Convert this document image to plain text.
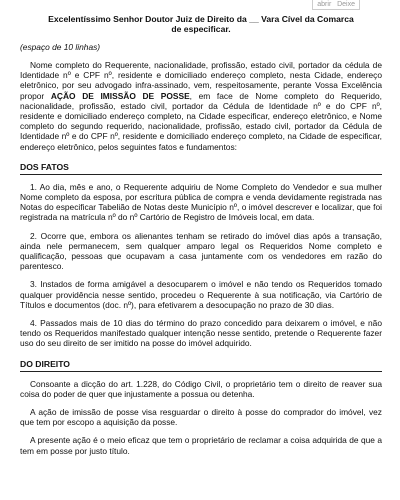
abrir   Deixe

Excelentíssimo Senhor Doutor Juiz de Direito da __ Vara Cível da Comarca

de especificar.

(espaço de 10 linhas)

Nome completo do Requerente, nacionalidade, profissão, estado civil, portador da cédula de Identidade nº e CPF nº, residente e domiciliado endereço completo, nesta Cidade, endereço eletrônico, por seu advogado infra-assinado, vem, respeitosamente, perante Vossa Excelência propor AÇÃO DE IMISSÃO DE POSSE, em face de Nome completo do Requerido, nacionalidade, profissão, estado civil, portador da Cédula de Identidade nº e do CPF nº, residente e domiciliado endereço completo, na Cidade especificar, endereço eletrônico, e Nome completo do segundo requerido, nacionalidade, profissão, estado civil, portador da Cédula de Identidade nº e do CPF nº, residente e domiciliado endereço completo, na Cidade de especificar, endereço eletrônico, pelos seguintes fatos e fundamentos:

DOS FATOS

1. Ao dia, mês e ano, o Requerente adquiriu de Nome Completo do Vendedor e sua mulher Nome completo da esposa, por escritura pública de compra e venda devidamente registrada nas Notas do especificar Tabelião de Notas deste Município nº, o imóvel descrever e localizar, que foi registrada na matrícula nº do nº Cartório de Registro de Imóveis local, em data.

2. Ocorre que, embora os alienantes tenham se retirado do imóvel dias após a transação, ainda nele permanecem, sem qualquer amparo legal os Requeridos Nome completo e qualificação, pessoas que ocupavam a casa juntamente com os vendedores em razão do parentesco.

3. Instados de forma amigável a desocuparem o imóvel e não tendo os Requeridos tomado qualquer providência nesse sentido, procedeu o Requerente à sua notificação, via Cartório de Títulos e documentos (doc. nº), para efetivarem a desocupação no prazo de 30 dias.

4. Passados mais de 10 dias do término do prazo concedido para deixarem o imóvel, e não tendo os Requeridos manifestado qualquer intenção nesse sentido, pretende o Requerente fazer uso do seu direito de ser imitido na posse do imóvel adquirido.

DO DIREITO

Consoante a dicção do art. 1.228, do Código Civil, o proprietário tem o direito de reaver sua coisa do poder de quer que injustamente a possua ou detenha.

A ação de imissão de posse visa resguardar o direito à posse do comprador do imóvel, vez que tem por escopo a aquisição da posse.

A presente ação é o meio eficaz que tem o proprietário de reclamar a coisa adquirida de que a tem em posse por justo título.
